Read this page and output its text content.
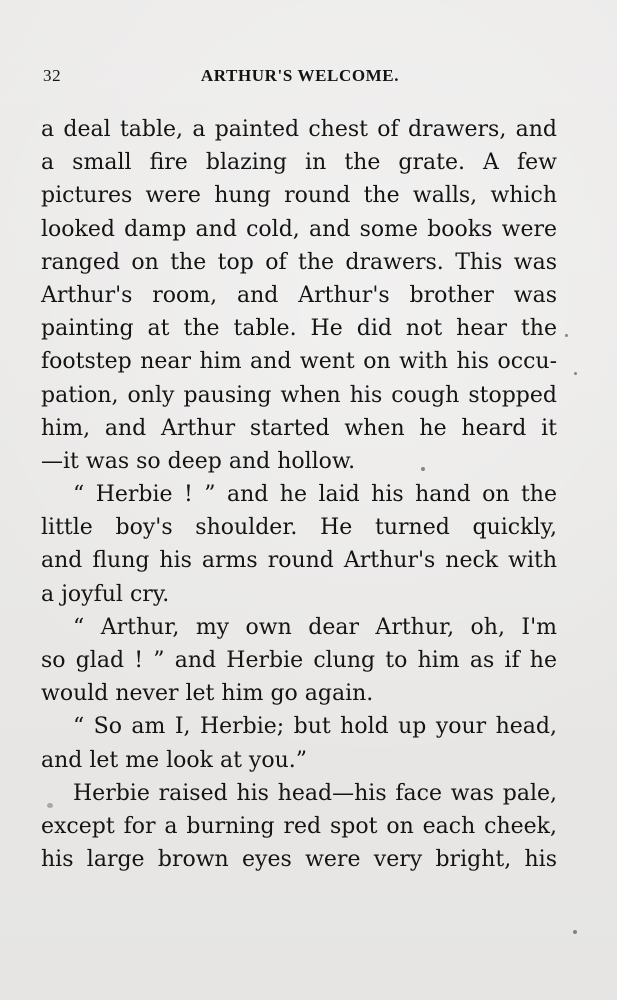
32	ARTHUR'S WELCOME.
a deal table, a painted chest of drawers, and
a small fire blazing in the grate. A few
pictures were hung round the walls, which
looked damp and cold, and some books were
ranged on the top of the drawers. This was
Arthur's room, and Arthur's brother was
painting at the table. He did not hear the
footstep near him and went on with his occu-
pation, only pausing when his cough stopped
him, and Arthur started when he heard it
—it was so deep and hollow.
“ Herbie ! ” and he laid his hand on the
little boy's shoulder. He turned quickly,
and flung his arms round Arthur's neck with
a joyful cry.
“ Arthur, my own dear Arthur, oh, I'm
so glad ! ” and Herbie clung to him as if he
would never let him go again.
“ So am I, Herbie; but hold up your head,
and let me look at you.”
Herbie raised his head—his face was pale,
except for a burning red spot on each cheek,
his large brown eyes were very bright, his
